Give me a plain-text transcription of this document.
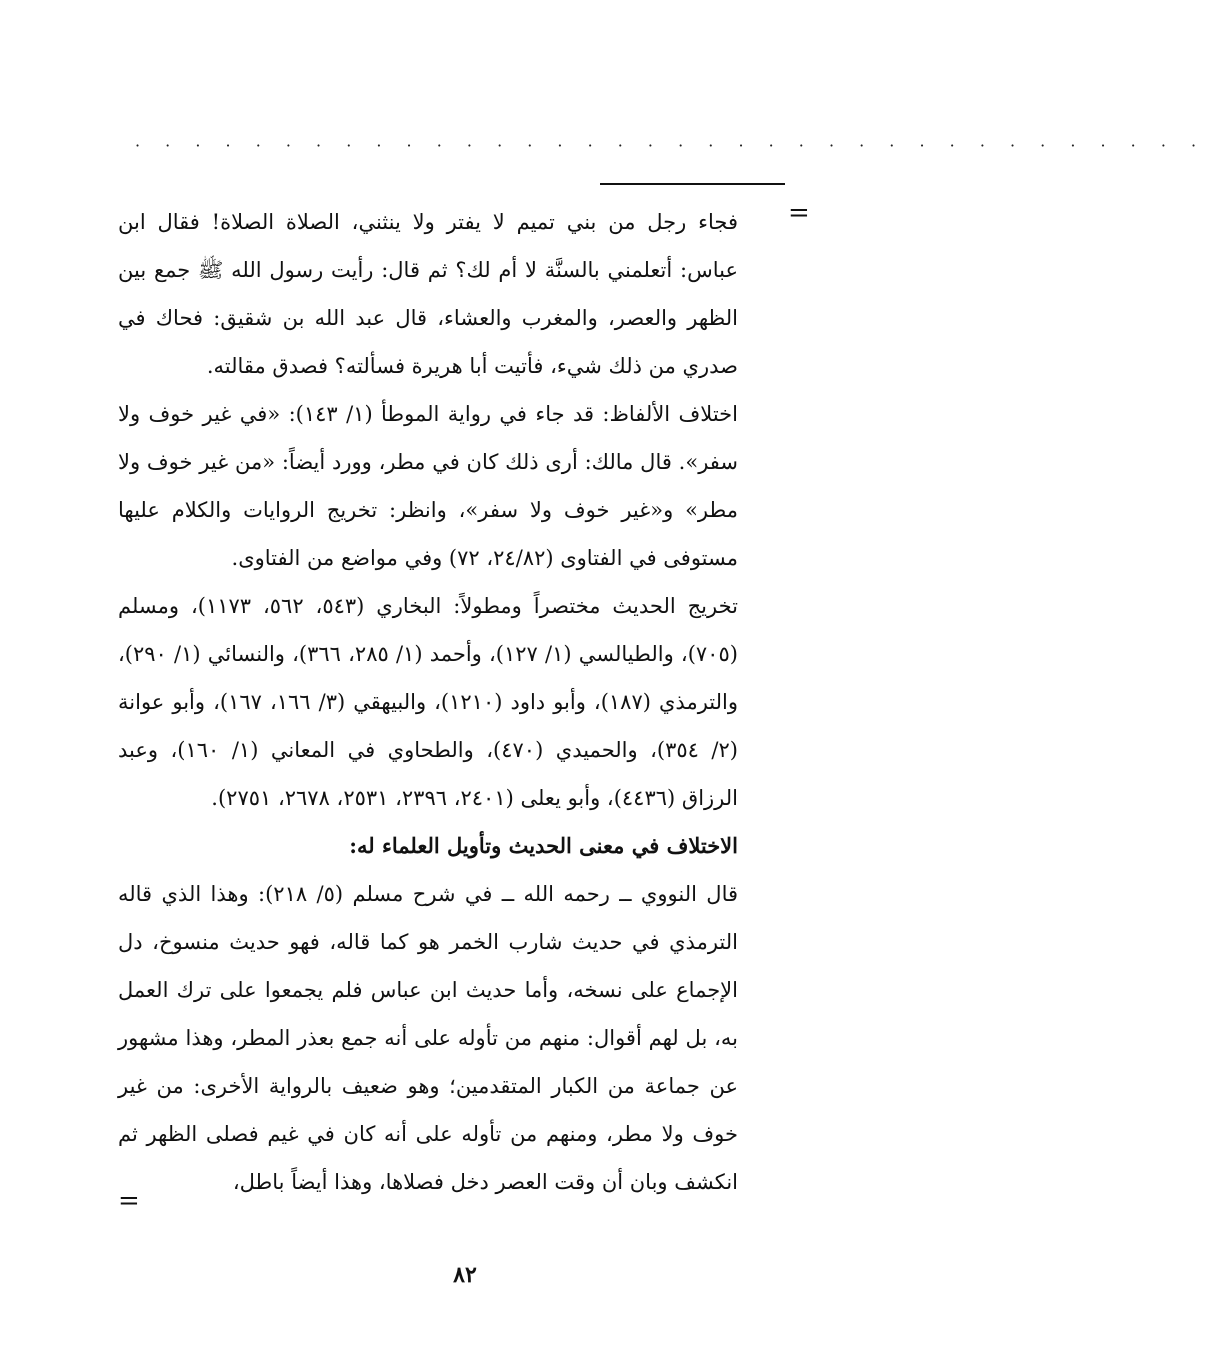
· · · · · · · · · · · · · · · · · · · · · · · · · · · · · · · · · · · ·
=

فجاء رجل من بني تميم لا يفتر ولا ينثني، الصلاة الصلاة! فقال ابن عباس: أتعلمني بالسنَّة لا أم لك؟ ثم قال: رأيت رسول الله ﷺ جمع بين الظهر والعصر، والمغرب والعشاء، قال عبد الله بن شقيق: فحاك في صدري من ذلك شيء، فأتيت أبا هريرة فسألته؟ فصدق مقالته.

اختلاف الألفاظ: قد جاء في رواية الموطأ (١/ ١٤٣): «في غير خوف ولا سفر». قال مالك: أرى ذلك كان في مطر، وورد أيضاً: «من غير خوف ولا مطر» و«غير خوف ولا سفر»، وانظر: تخريج الروايات والكلام عليها مستوفى في الفتاوى (٢٤/٨٢، ٧٢) وفي مواضع من الفتاوى.

تخريج الحديث مختصراً ومطولاً: البخاري (٥٤٣، ٥٦٢، ١١٧٣)، ومسلم (٧٠٥)، والطيالسي (١/ ١٢٧)، وأحمد (١/ ٢٨٥، ٣٦٦)، والنسائي (١/ ٢٩٠)، والترمذي (١٨٧)، وأبو داود (١٢١٠)، والبيهقي (٣/ ١٦٦، ١٦٧)، وأبو عوانة (٢/ ٣٥٤)، والحميدي (٤٧٠)، والطحاوي في المعاني (١/ ١٦٠)، وعبد الرزاق (٤٤٣٦)، وأبو يعلى (٢٤٠١، ٢٣٩٦، ٢٥٣١، ٢٦٧٨، ٢٧٥١).

الاختلاف في معنى الحديث وتأويل العلماء له:

قال النووي ــ رحمه الله ــ في شرح مسلم (٥/ ٢١٨): وهذا الذي قاله الترمذي في حديث شارب الخمر هو كما قاله، فهو حديث منسوخ، دل الإجماع على نسخه، وأما حديث ابن عباس فلم يجمعوا على ترك العمل به، بل لهم أقوال: منهم من تأوله على أنه جمع بعذر المطر، وهذا مشهور عن جماعة من الكبار المتقدمين؛ وهو ضعيف بالرواية الأخرى: من غير خوف ولا مطر، ومنهم من تأوله على أنه كان في غيم فصلى الظهر ثم انكشف وبان أن وقت العصر دخل فصلاها، وهذا أيضاً باطل،

=
٨٢
